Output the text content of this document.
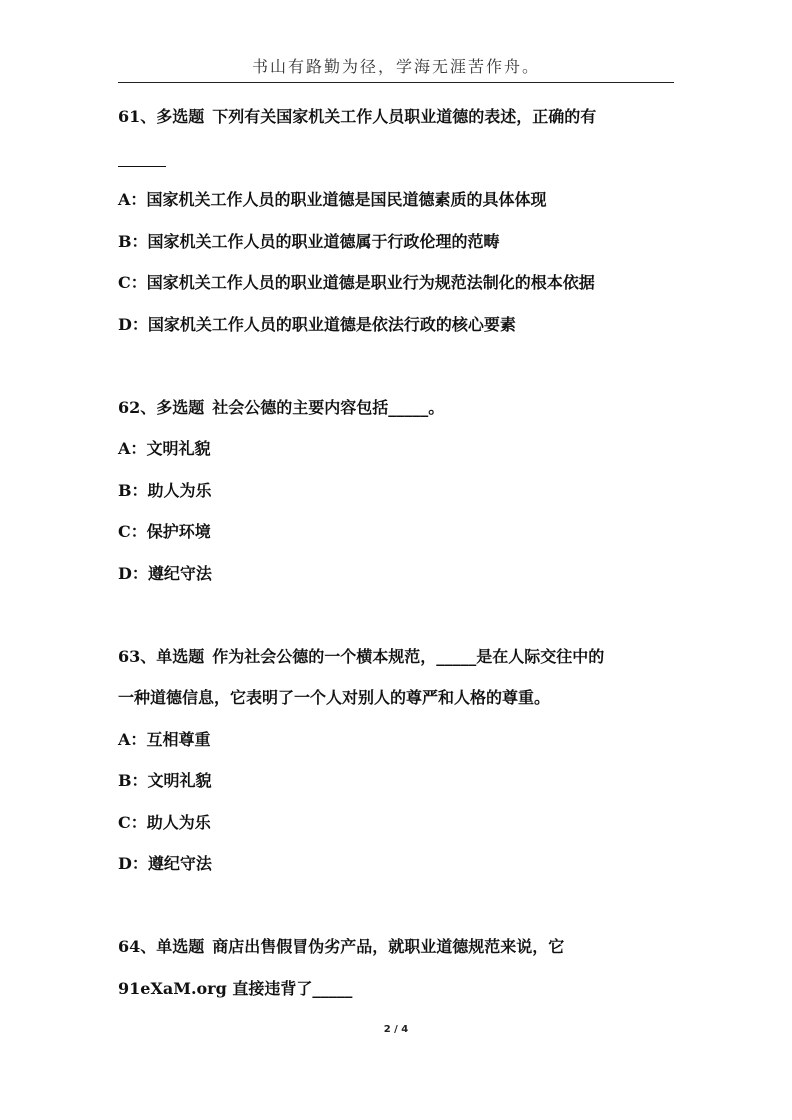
书山有路勤为径，学海无涯苦作舟。
61、多选题 下列有关国家机关工作人员职业道德的表述，正确的有
A：国家机关工作人员的职业道德是国民道德素质的具体体现
B：国家机关工作人员的职业道德属于行政伦理的范畴
C：国家机关工作人员的职业道德是职业行为规范法制化的根本依据
D：国家机关工作人员的职业道德是依法行政的核心要素
62、多选题 社会公德的主要内容包括_____。
A：文明礼貌
B：助人为乐
C：保护环境
D：遵纪守法
63、单选题 作为社会公德的一个横本规范，_____是在人际交往中的
一种道德信息，它表明了一个人对别人的尊严和人格的尊重。
A：互相尊重
B：文明礼貌
C：助人为乐
D：遵纪守法
64、单选题 商店出售假冒伪劣产品，就职业道德规范来说，它
91eXaM.org 直接违背了_____
2 / 4
